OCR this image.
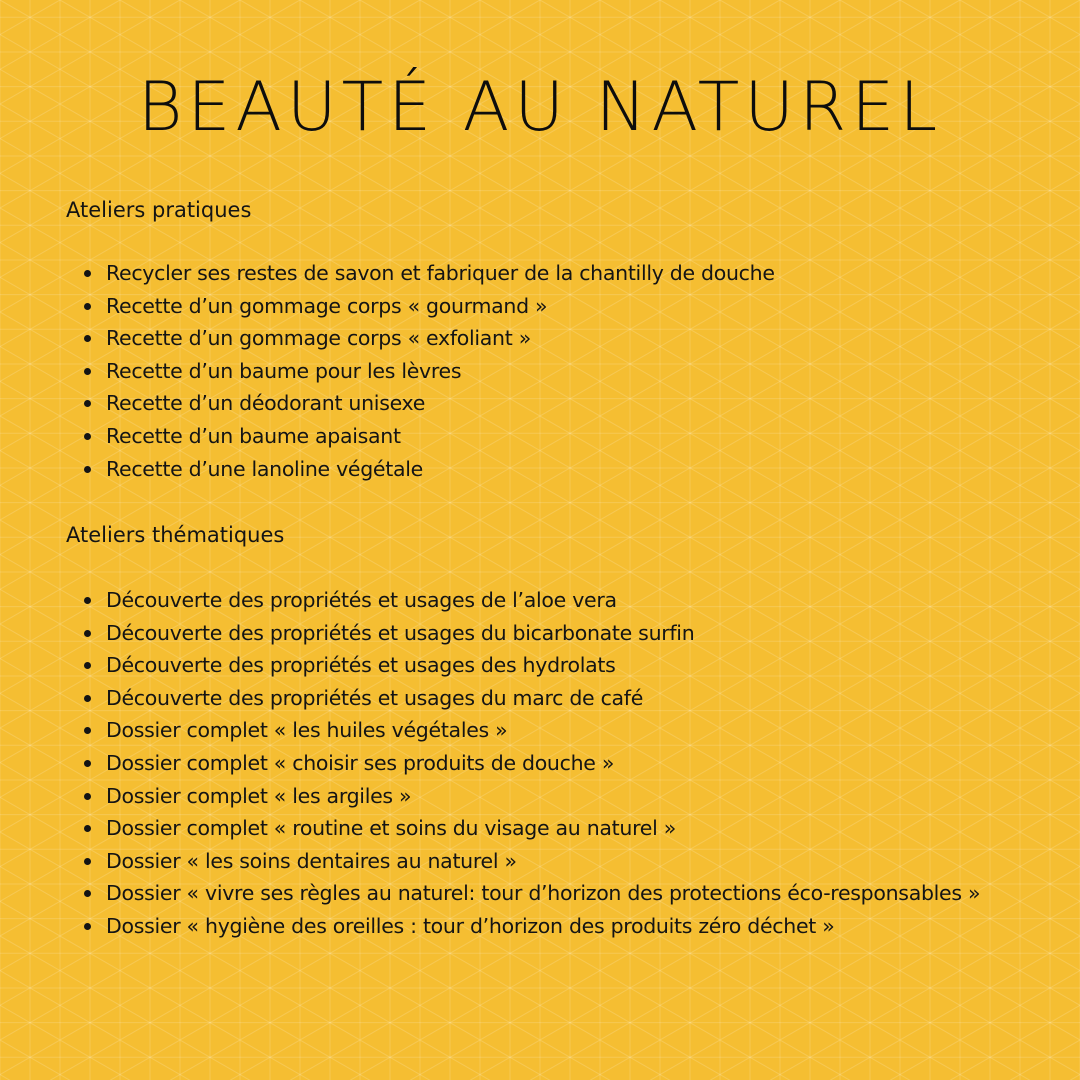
BEAUTÉ AU NATUREL
Ateliers pratiques
Recycler ses restes de savon et fabriquer de la chantilly de douche
Recette d’un gommage corps « gourmand »
Recette d’un gommage corps « exfoliant »
Recette d’un baume pour les lèvres
Recette d’un déodorant unisexe
Recette d’un baume apaisant
Recette d’une lanoline végétale
Ateliers thématiques
Découverte des propriétés et usages de l’aloe vera
Découverte des propriétés et usages du bicarbonate surfin
Découverte des propriétés et usages des hydrolats
Découverte des propriétés et usages du marc de café
Dossier complet « les huiles végétales »
Dossier complet « choisir ses produits de douche »
Dossier complet « les argiles »
Dossier complet « routine et soins du visage au naturel »
Dossier « les soins dentaires au naturel »
Dossier « vivre ses règles au naturel: tour d’horizon des protections éco-responsables »
Dossier « hygiène des oreilles : tour d’horizon des produits zéro déchet »
